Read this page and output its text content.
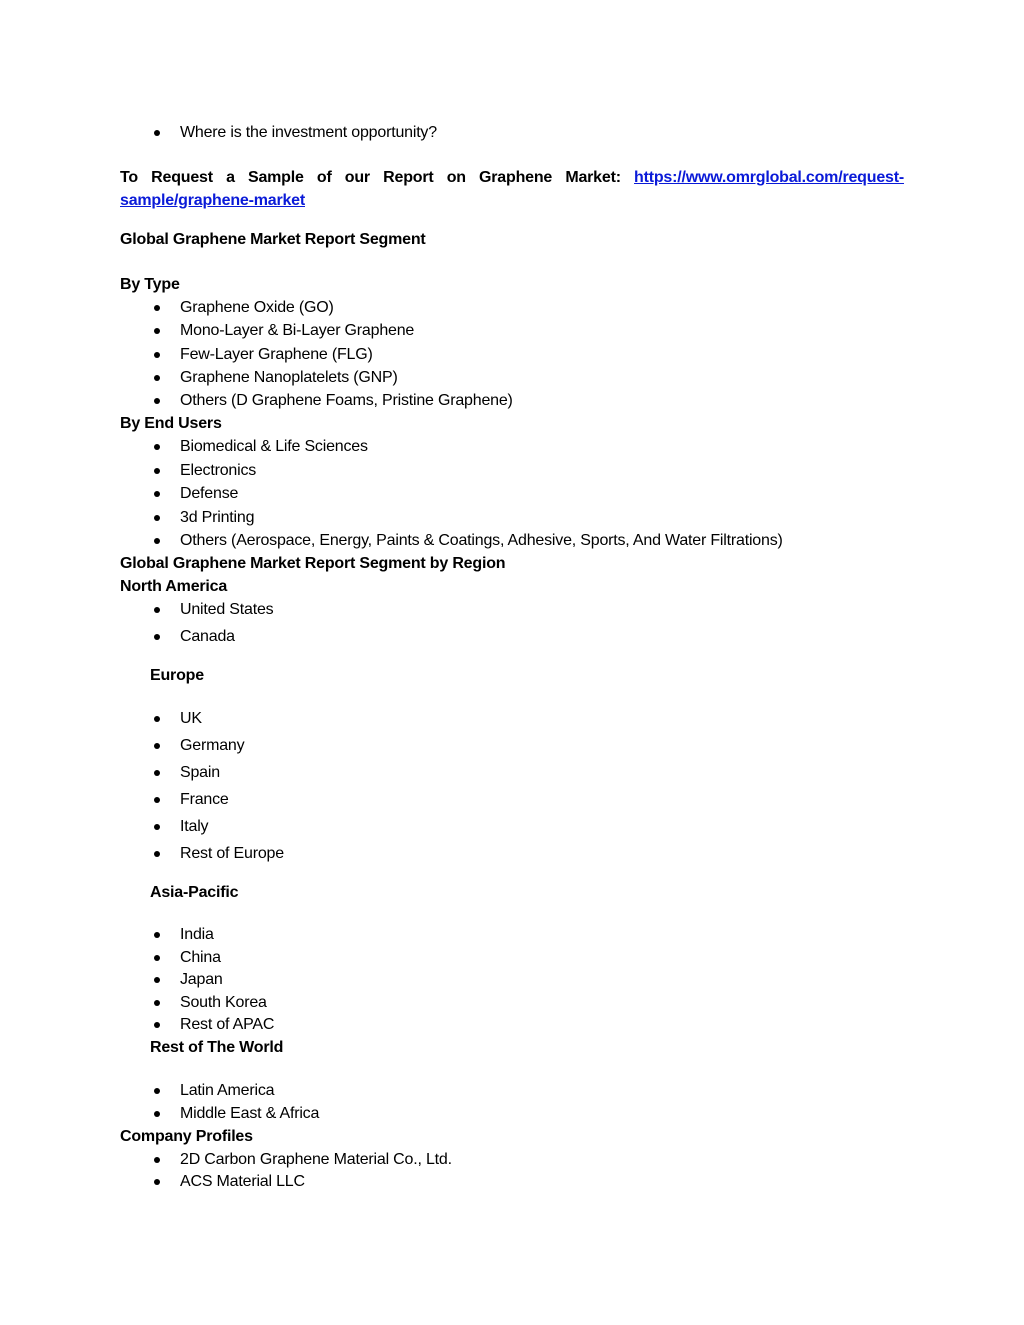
Where is the investment opportunity?
To Request a Sample of our Report on Graphene Market: https://www.omrglobal.com/request-
sample/graphene-market
Global Graphene Market Report Segment
By Type
Graphene Oxide (GO)
Mono-Layer & Bi-Layer Graphene
Few-Layer Graphene (FLG)
Graphene Nanoplatelets (GNP)
Others (D Graphene Foams, Pristine Graphene)
By End Users
Biomedical & Life Sciences
Electronics
Defense
3d Printing
Others (Aerospace, Energy, Paints & Coatings, Adhesive, Sports, And Water Filtrations)
Global Graphene Market Report Segment by Region
North America
United States
Canada
Europe
UK
Germany
Spain
France
Italy
Rest of Europe
Asia-Pacific
India
China
Japan
South Korea
Rest of APAC
Rest of The World
Latin America
Middle East & Africa
Company Profiles
2D Carbon Graphene Material Co., Ltd.
ACS Material LLC
